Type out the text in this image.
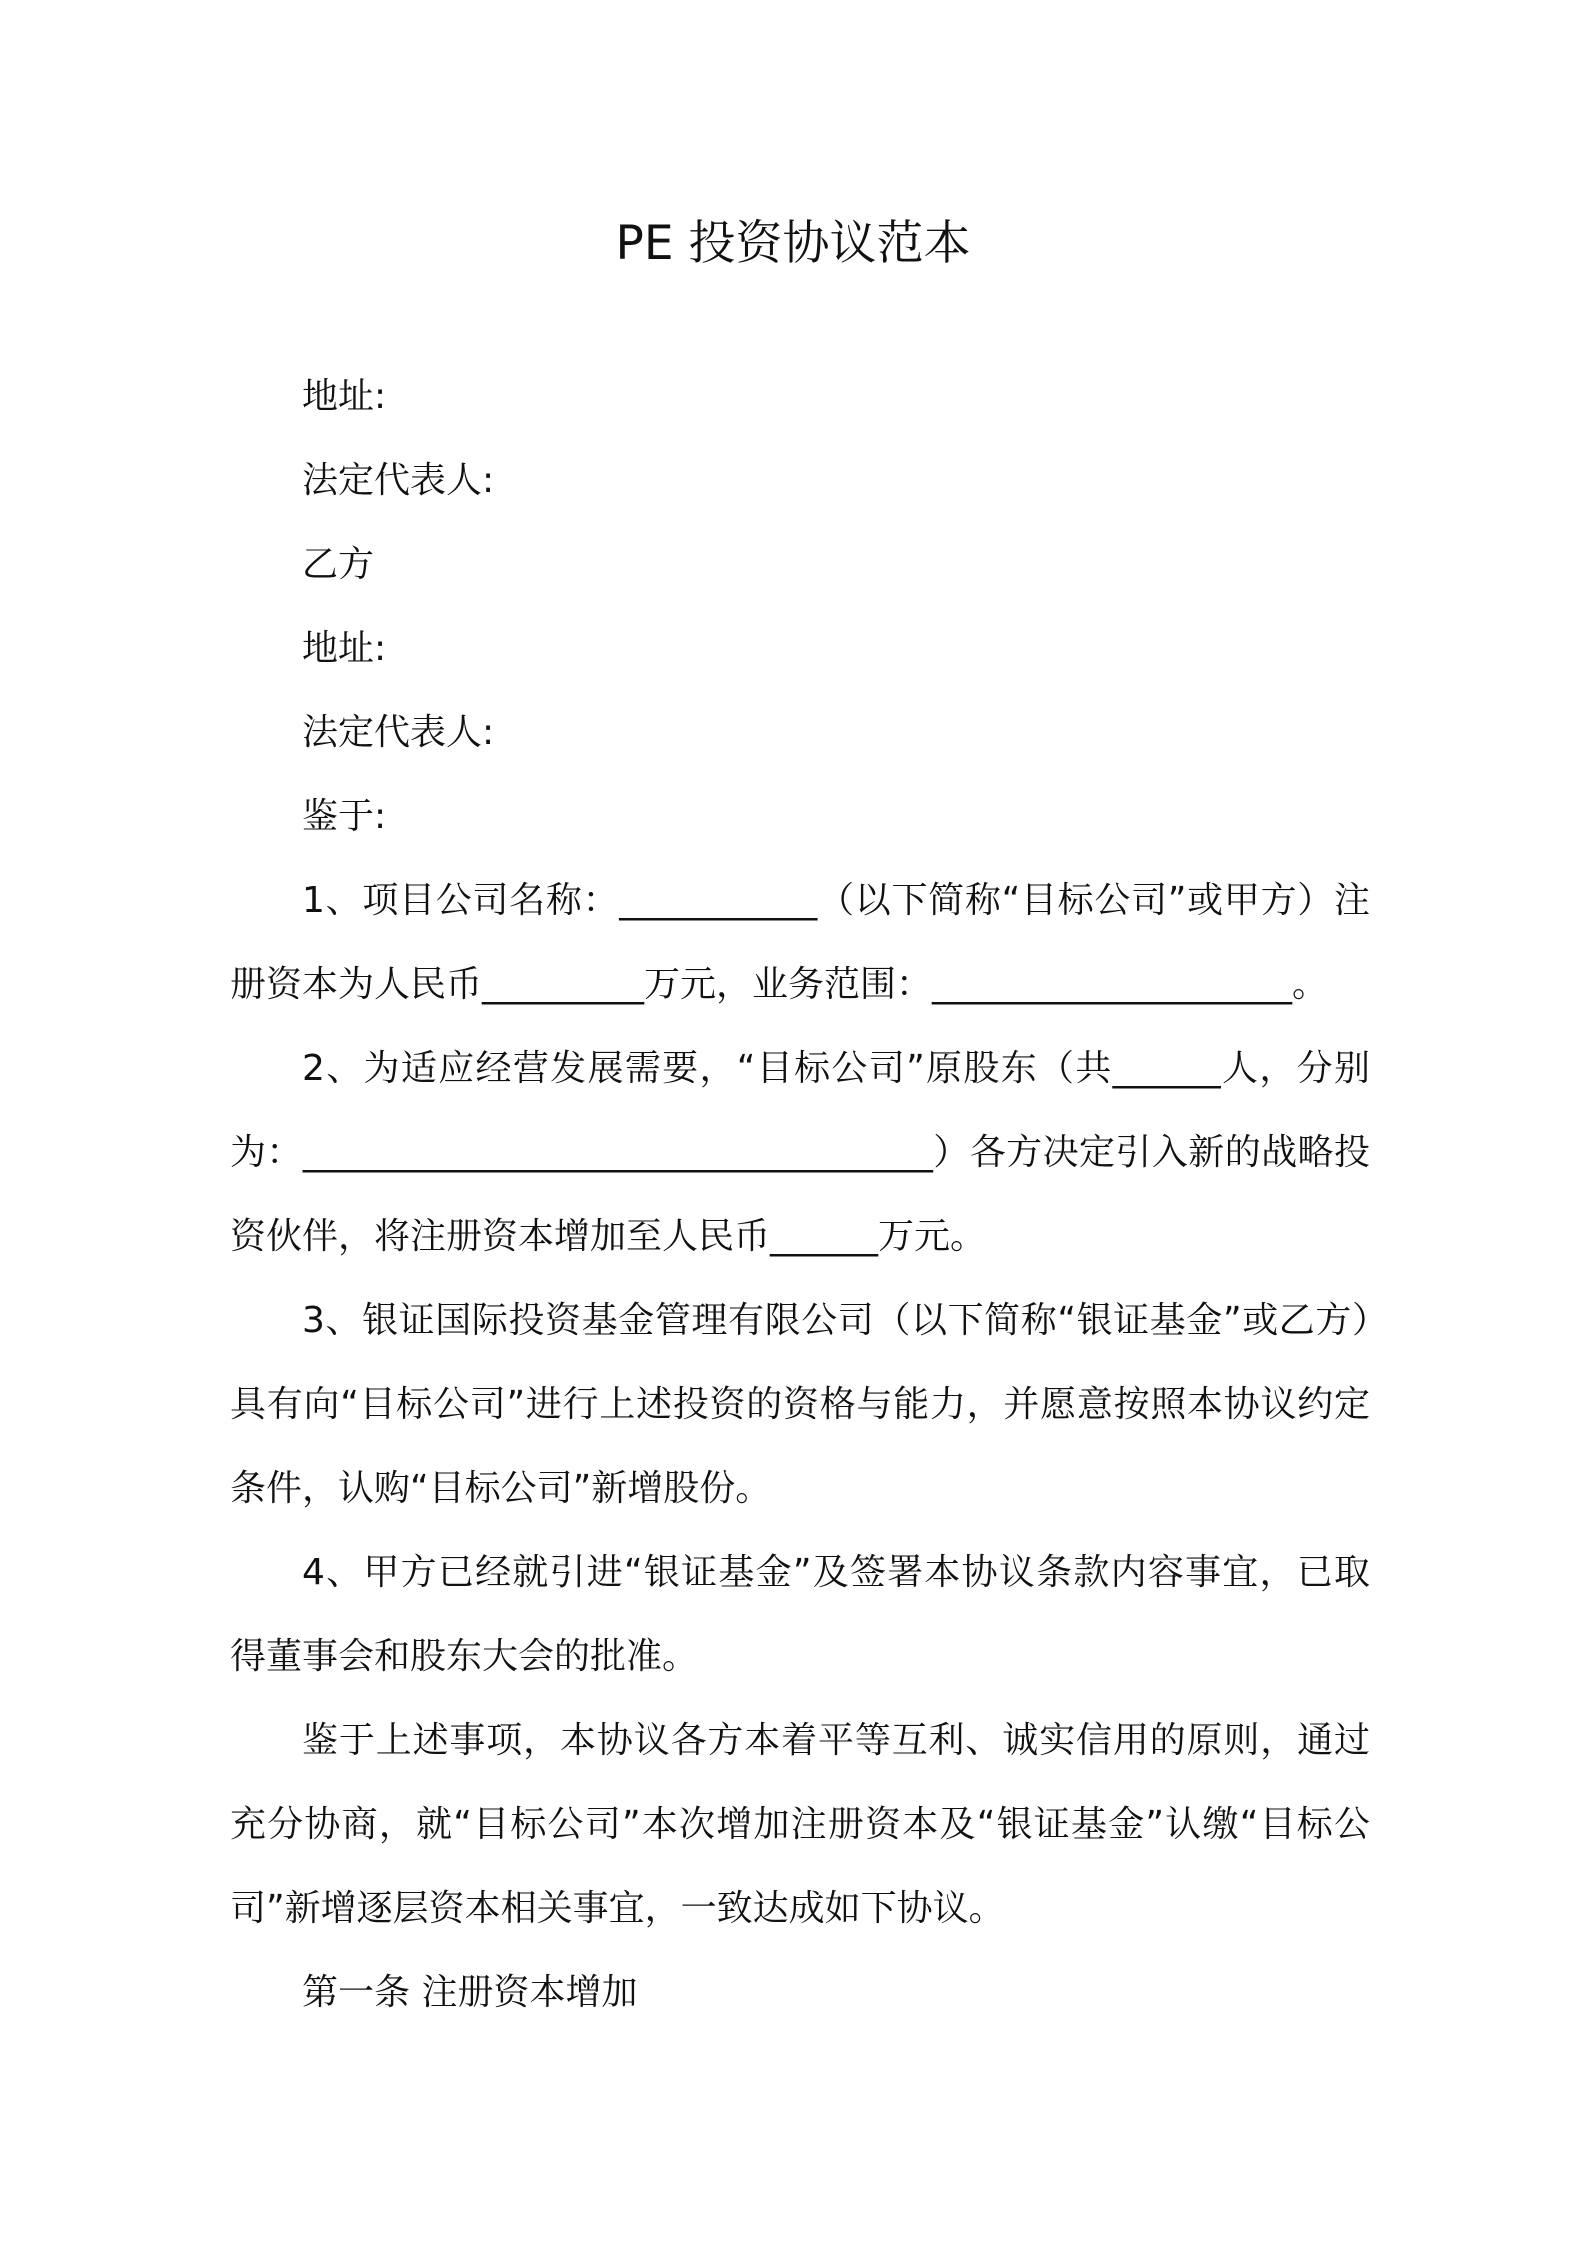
PE 投资协议范本

地址:

法定代表人:

乙方

地址:

法定代表人:

鉴于:

1、项目公司名称：___________（以下简称“目标公司”或甲方）注册资本为人民币_________万元，业务范围：____________________。

2、为适应经营发展需要，“目标公司”原股东（共______人，分别为：___________________________________）各方决定引入新的战略投资伙伴，将注册资本增加至人民币______万元。

3、银证国际投资基金管理有限公司（以下简称“银证基金”或乙方）具有向“目标公司”进行上述投资的资格与能力，并愿意按照本协议约定条件，认购“目标公司”新增股份。

4、甲方已经就引进“银证基金”及签署本协议条款内容事宜，已取得董事会和股东大会的批准。

鉴于上述事项，本协议各方本着平等互利、诚实信用的原则，通过充分协商，就“目标公司”本次增加注册资本及“银证基金”认缴“目标公司”新增逐层资本相关事宜，一致达成如下协议。

第一条 注册资本增加
